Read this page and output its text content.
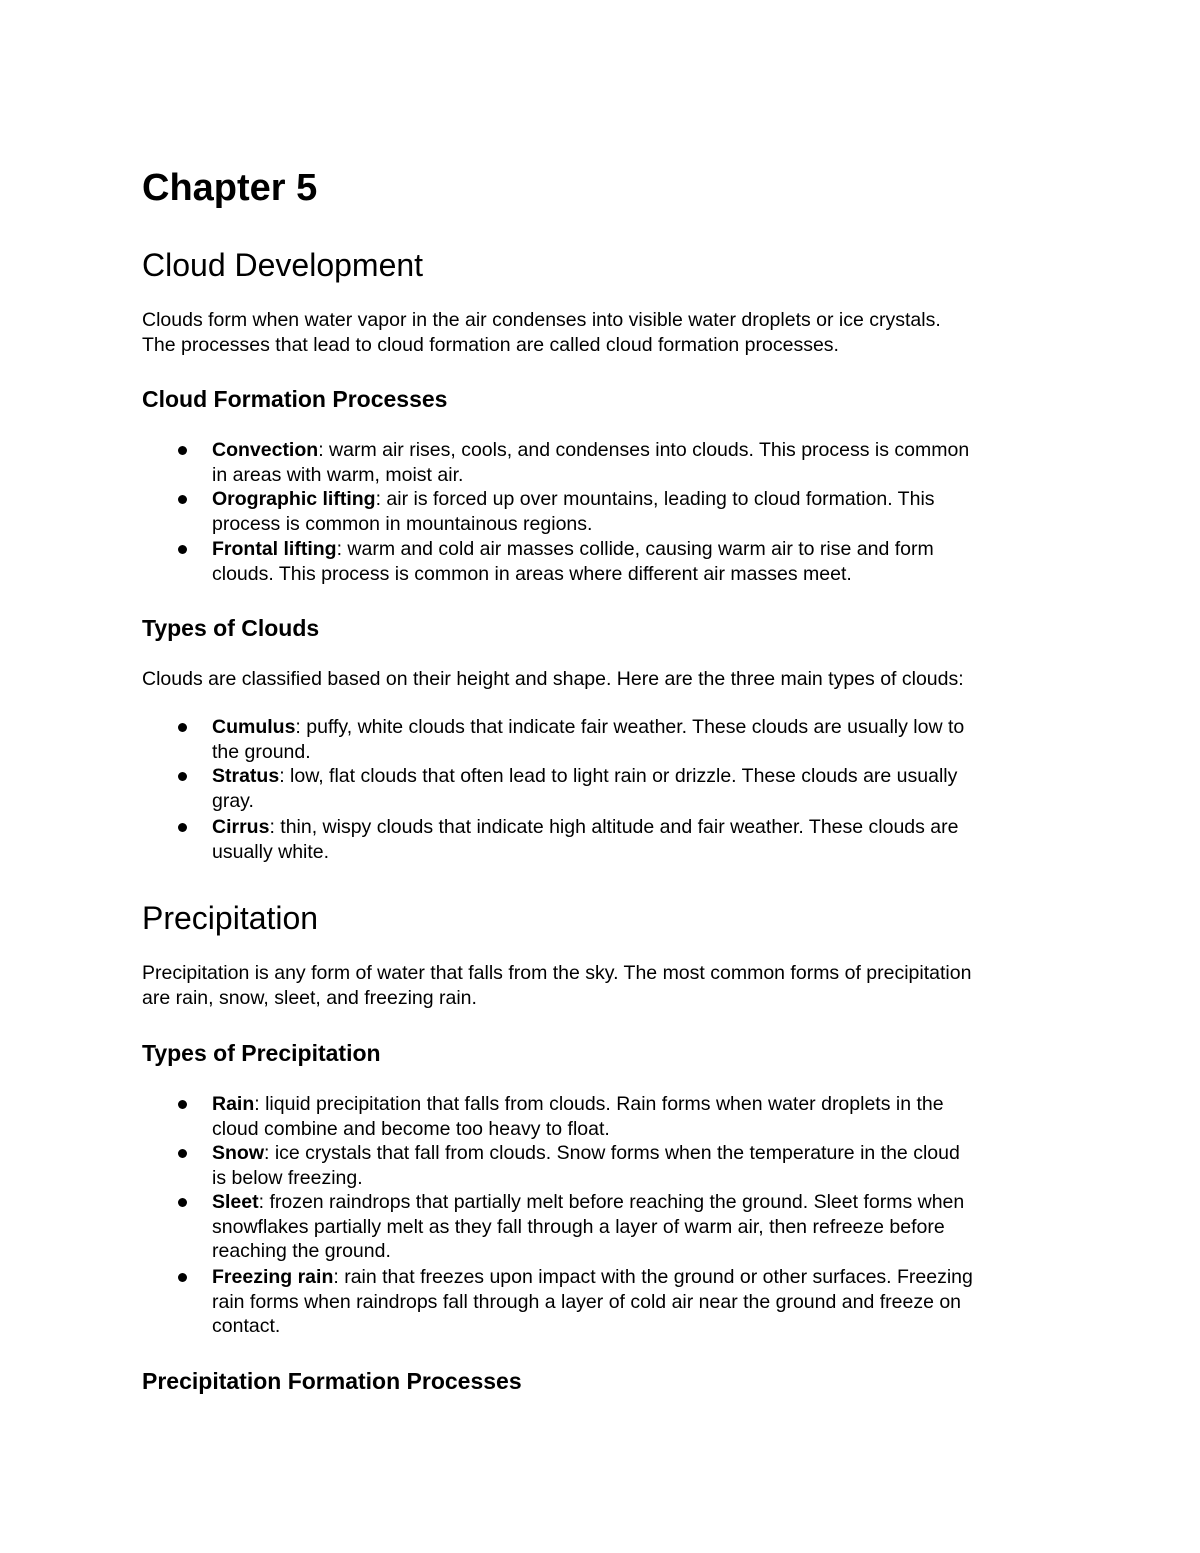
Chapter 5
Cloud Development
Clouds form when water vapor in the air condenses into visible water droplets or ice crystals.
The processes that lead to cloud formation are called cloud formation processes.
Cloud Formation Processes
Convection: warm air rises, cools, and condenses into clouds. This process is common
in areas with warm, moist air.
Orographic lifting: air is forced up over mountains, leading to cloud formation. This
process is common in mountainous regions.
Frontal lifting: warm and cold air masses collide, causing warm air to rise and form
clouds. This process is common in areas where different air masses meet.
Types of Clouds
Clouds are classified based on their height and shape. Here are the three main types of clouds:
Cumulus: puffy, white clouds that indicate fair weather. These clouds are usually low to
the ground.
Stratus: low, flat clouds that often lead to light rain or drizzle. These clouds are usually
gray.
Cirrus: thin, wispy clouds that indicate high altitude and fair weather. These clouds are
usually white.
Precipitation
Precipitation is any form of water that falls from the sky. The most common forms of precipitation
are rain, snow, sleet, and freezing rain.
Types of Precipitation
Rain: liquid precipitation that falls from clouds. Rain forms when water droplets in the
cloud combine and become too heavy to float.
Snow: ice crystals that fall from clouds. Snow forms when the temperature in the cloud
is below freezing.
Sleet: frozen raindrops that partially melt before reaching the ground. Sleet forms when
snowflakes partially melt as they fall through a layer of warm air, then refreeze before
reaching the ground.
Freezing rain: rain that freezes upon impact with the ground or other surfaces. Freezing
rain forms when raindrops fall through a layer of cold air near the ground and freeze on
contact.
Precipitation Formation Processes
